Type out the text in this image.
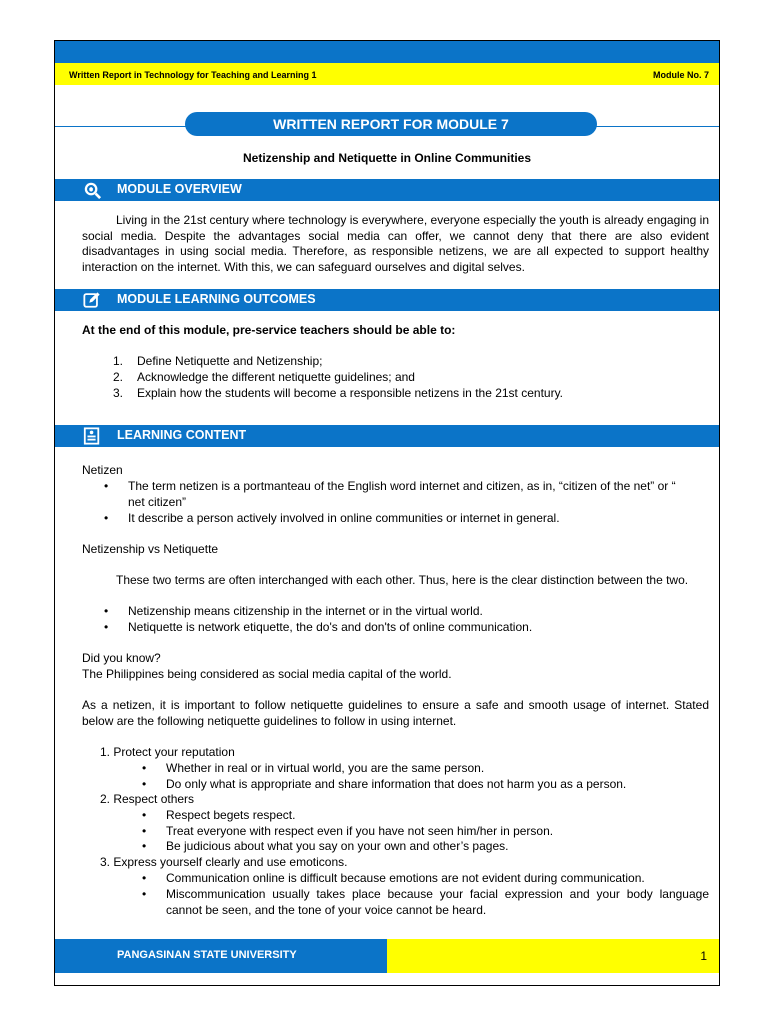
Written Report in Technology for Teaching and Learning 1	Module No. 7
WRITTEN REPORT FOR MODULE 7
Netizenship and Netiquette in Online Communities
MODULE OVERVIEW
Living in the 21st century where technology is everywhere, everyone especially the youth is already engaging in social media. Despite the advantages social media can offer, we cannot deny that there are also evident disadvantages in using social media. Therefore, as responsible netizens, we are all expected to support healthy interaction on the internet. With this, we can safeguard ourselves and digital selves.
MODULE LEARNING OUTCOMES
At the end of this module, pre-service teachers should be able to:
1. Define Netiquette and Netizenship;
2. Acknowledge the different netiquette guidelines; and
3. Explain how the students will become a responsible netizens in the 21st century.
LEARNING CONTENT
Netizen
• The term netizen is a portmanteau of the English word internet and citizen, as in, “citizen of the net” or “
net citizen”
• It describe a person actively involved in online communities or internet in general.
Netizenship vs Netiquette
These two terms are often interchanged with each other. Thus, here is the clear distinction between the two.
• Netizenship means citizenship in the internet or in the virtual world.
• Netiquette is network etiquette, the do's and don'ts of online communication.
Did you know?
The Philippines being considered as social media capital of the world.
As a netizen, it is important to follow netiquette guidelines to ensure a safe and smooth usage of internet. Stated below are the following netiquette guidelines to follow in using internet.
1. Protect your reputation
• Whether in real or in virtual world, you are the same person.
• Do only what is appropriate and share information that does not harm you as a person.
2. Respect others
• Respect begets respect.
• Treat everyone with respect even if you have not seen him/her in person.
• Be judicious about what you say on your own and other’s pages.
3. Express yourself clearly and use emoticons.
• Communication online is difficult because emotions are not evident during communication.
• Miscommunication usually takes place because your facial expression and your body language cannot be seen, and the tone of your voice cannot be heard.
PANGASINAN STATE UNIVERSITY	1
